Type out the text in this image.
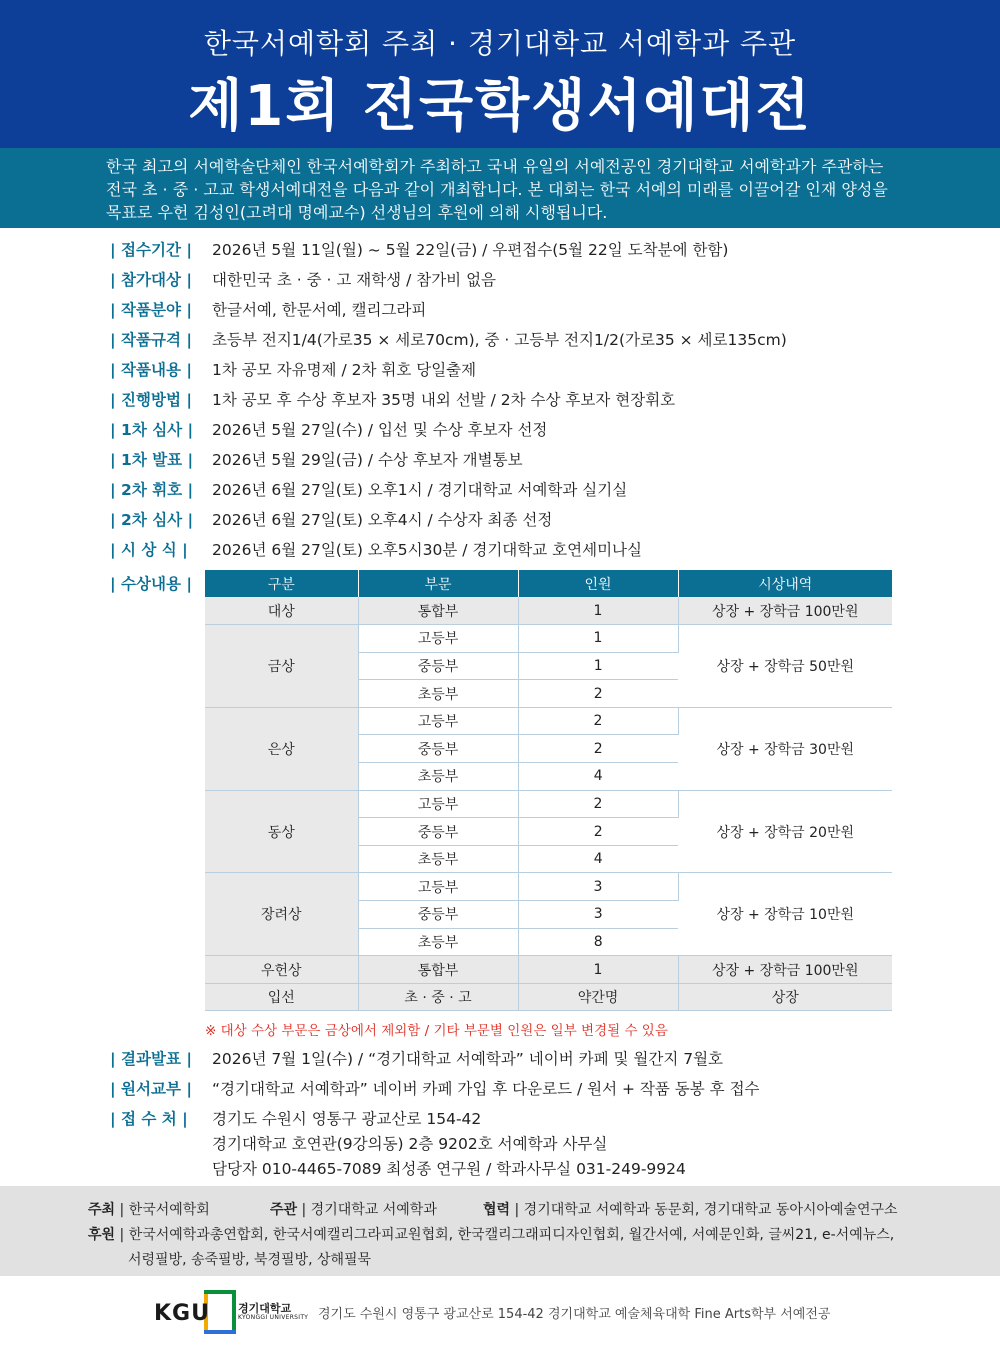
한국서예학회 주최 · 경기대학교 서예학과 주관
제1회 전국학생서예대전

한국 최고의 서예학술단체인 한국서예학회가 주최하고 국내 유일의 서예전공인 경기대학교 서예학과가 주관하는

전국 초 · 중 · 고교 학생서예대전을 다음과 같이 개최합니다. 본 대회는 한국 서예의 미래를 이끌어갈 인재 양성을

목표로 우헌 김성인(고려대 명예교수) 선생님의 후원에 의해 시행됩니다.

| 접수기간 | 2026년 5월 11일(월) ~ 5월 22일(금) / 우편접수(5월 22일 도착분에 한함)
| 참가대상 | 대한민국 초 · 중 · 고 재학생 / 참가비 없음
| 작품분야 | 한글서예, 한문서예, 캘리그라피
| 작품규격 | 초등부 전지1/4(가로35 × 세로70cm), 중 · 고등부 전지1/2(가로35 × 세로135cm)
| 작품내용 | 1차 공모 자유명제 / 2차 휘호 당일출제
| 진행방법 | 1차 공모 후 수상 후보자 35명 내외 선발 / 2차 수상 후보자 현장휘호
| 1차 심사 | 2026년 5월 27일(수) / 입선 및 수상 후보자 선정
| 1차 발표 | 2026년 5월 29일(금) / 수상 후보자 개별통보
| 2차 휘호 | 2026년 6월 27일(토) 오후1시 / 경기대학교 서예학과 실기실
| 2차 심사 | 2026년 6월 27일(토) 오후4시 / 수상자 최종 선정
| 시 상 식 | 2026년 6월 27일(토) 오후5시30분 / 경기대학교 호연세미나실
| 수상내용 |	구분	부문	인원	시상내역
대상	통합부	1	상장 + 장학금 100만원
금상	고등부	1	상장 + 장학금 50만원
	중등부	1	
	초등부	2	
은상	고등부	2	상장 + 장학금 30만원
	중등부	2	
	초등부	4	
동상	고등부	2	상장 + 장학금 20만원
	중등부	2	
	초등부	4	
장려상	고등부	3	상장 + 장학금 10만원
	중등부	3	
	초등부	8	
우헌상	통합부	1	상장 + 장학금 100만원
입선	초 · 중 · 고	약간명	상장
※ 대상 수상 부문은 금상에서 제외함 / 기타 부문별 인원은 일부 변경될 수 있음
| 결과발표 | 2026년 7월 1일(수) / “경기대학교 서예학과” 네이버 카페 및 월간지 7월호
| 원서교부 | “경기대학교 서예학과” 네이버 카페 가입 후 다운로드 / 원서 + 작품 동봉 후 접수
| 접 수 처 | 경기도 수원시 영통구 광교산로 154-42
경기대학교 호연관(9강의동) 2층 9202호 서예학과 사무실
담당자 010-4465-7089 최성종 연구원 / 학과사무실 031-249-9924
주최 | 한국서예학회	주관 | 경기대학교 서예학과	협력 | 경기대학교 서예학과 동문회, 경기대학교 동아시아예술연구소
후원 | 한국서예학과총연합회, 한국서예캘리그라피교원협회, 한국캘리그래피디자인협회, 월간서예, 서예문인화, 글씨21, e-서예뉴스,
서령필방, 송죽필방, 북경필방, 상해필묵
KGU	경기대학교
KYONGGI UNIVERSITY 경기도 수원시 영통구 광교산로 154-42 경기대학교 예술체육대학 Fine Arts학부 서예전공
